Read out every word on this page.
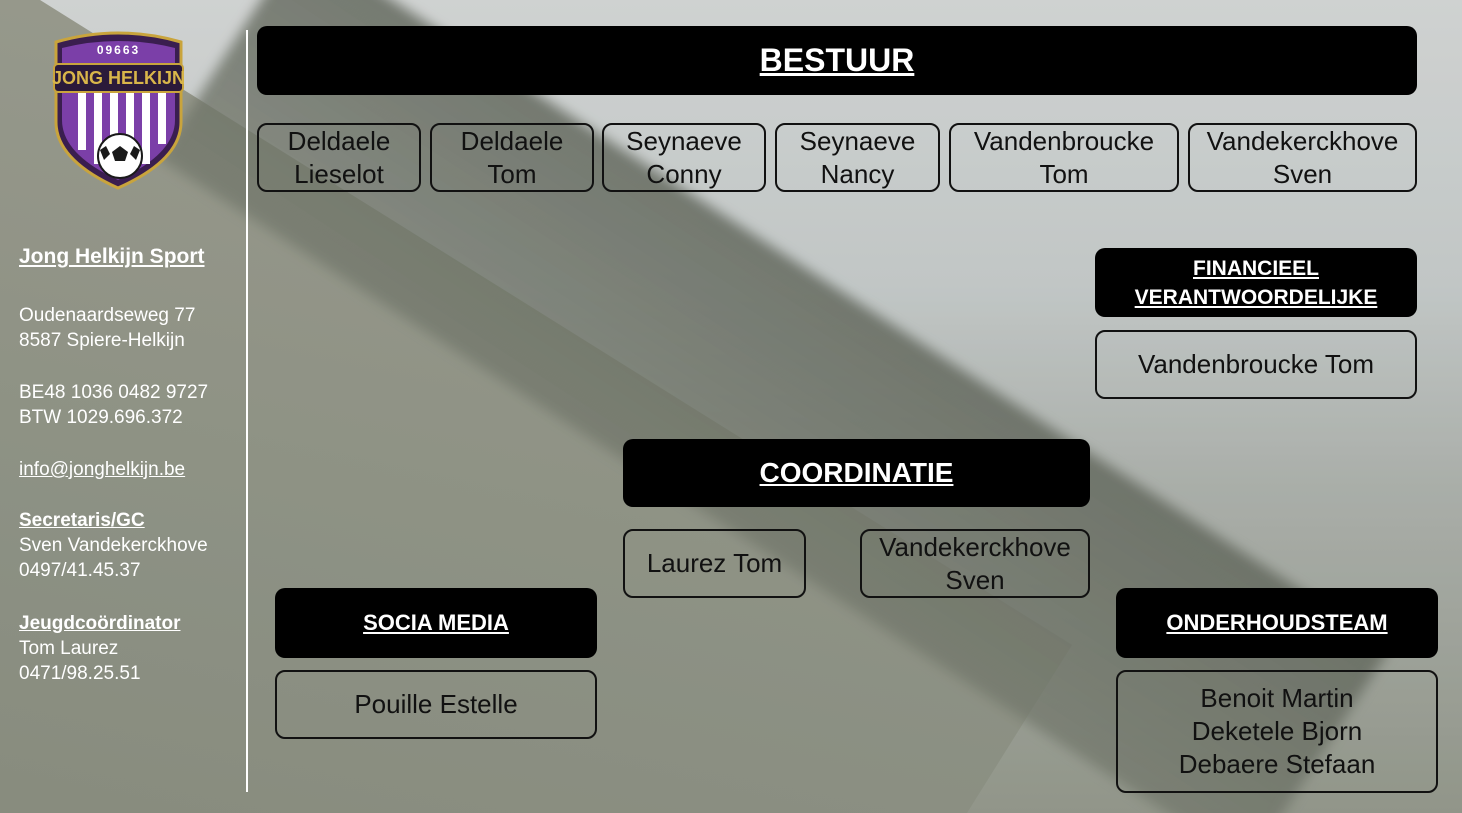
JONG HELKIJN
09663
Jong Helkijn Sport
Oudenaardseweg 77
8587 Spiere-Helkijn
BE48 1036 0482 9727
BTW 1029.696.372
info@jonghelkijn.be
Secretaris/GC
Sven Vandekerckhove
0497/41.45.37
Jeugdcoördinator
Tom Laurez
0471/98.25.51
BESTUUR
Deldaele
Lieselot
Deldaele
Tom
Seynaeve
Conny
Seynaeve
Nancy
Vandenbroucke
Tom
Vandekerckhove
Sven
FINANCIEEL
VERANTWOORDELIJKE
Vandenbroucke Tom
COORDINATIE
Laurez Tom
Vandekerckhove
Sven
SOCIA MEDIA
Pouille Estelle
ONDERHOUDSTEAM
Benoit Martin
Deketele Bjorn
Debaere Stefaan
